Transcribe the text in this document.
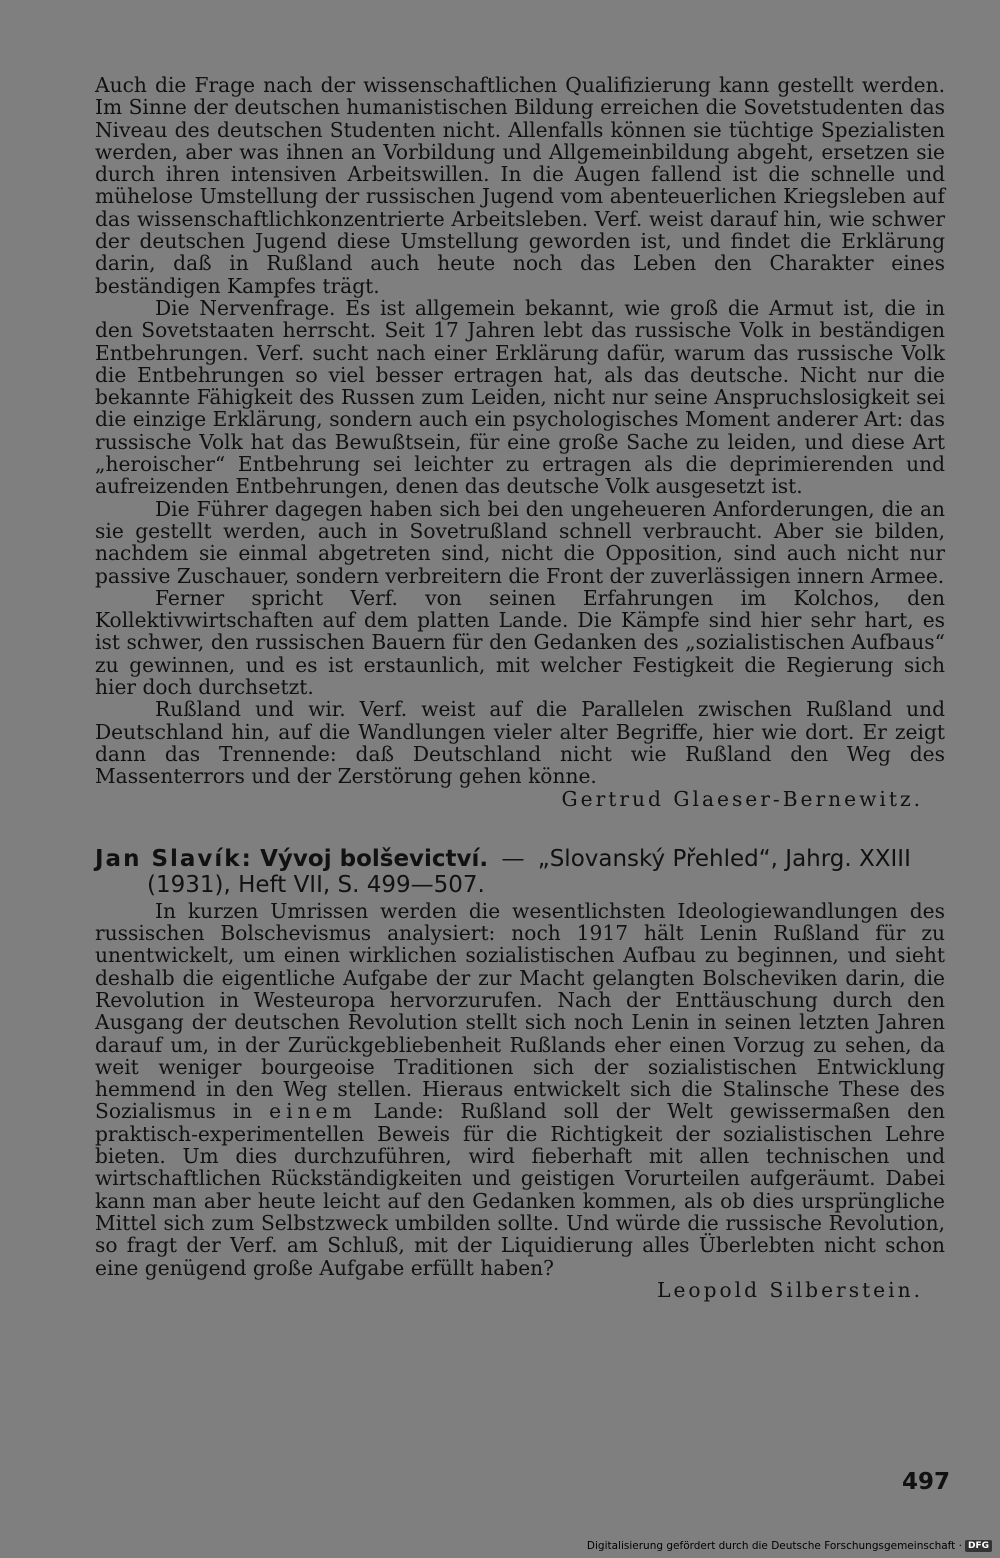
Auch die Frage nach der wissenschaftlichen Qualifizierung kann gestellt werden. Im Sinne der deutschen humanistischen Bildung erreichen die Sovetstudenten das Niveau des deutschen Studenten nicht. Allenfalls können sie tüchtige Spezialisten werden, aber was ihnen an Vorbildung und Allgemeinbildung abgeht, ersetzen sie durch ihren intensiven Arbeitswillen. In die Augen fallend ist die schnelle und mühelose Umstellung der russischen Jugend vom abenteuerlichen Kriegsleben auf das wissenschaftlichkonzentrierte Arbeitsleben. Verf. weist darauf hin, wie schwer der deutschen Jugend diese Umstellung geworden ist, und findet die Erklärung darin, daß in Rußland auch heute noch das Leben den Charakter eines beständigen Kampfes trägt.

Die Nervenfrage. Es ist allgemein bekannt, wie groß die Armut ist, die in den Sovetstaaten herrscht. Seit 17 Jahren lebt das russische Volk in beständigen Entbehrungen. Verf. sucht nach einer Erklärung dafür, warum das russische Volk die Entbehrungen so viel besser ertragen hat, als das deutsche. Nicht nur die bekannte Fähigkeit des Russen zum Leiden, nicht nur seine Anspruchslosigkeit sei die einzige Erklärung, sondern auch ein psychologisches Moment anderer Art: das russische Volk hat das Bewußtsein, für eine große Sache zu leiden, und diese Art „heroischer“ Entbehrung sei leichter zu ertragen als die deprimierenden und aufreizenden Entbehrungen, denen das deutsche Volk ausgesetzt ist.

Die Führer dagegen haben sich bei den ungeheueren Anforderungen, die an sie gestellt werden, auch in Sovetrußland schnell verbraucht. Aber sie bilden, nachdem sie einmal abgetreten sind, nicht die Opposition, sind auch nicht nur passive Zuschauer, sondern verbreitern die Front der zuverlässigen innern Armee.

Ferner spricht Verf. von seinen Erfahrungen im Kolchos, den Kollektivwirtschaften auf dem platten Lande. Die Kämpfe sind hier sehr hart, es ist schwer, den russischen Bauern für den Gedanken des „sozialistischen Aufbaus“ zu gewinnen, und es ist erstaunlich, mit welcher Festigkeit die Regierung sich hier doch durchsetzt.

Rußland und wir. Verf. weist auf die Parallelen zwischen Rußland und Deutschland hin, auf die Wandlungen vieler alter Begriffe, hier wie dort. Er zeigt dann das Trennende: daß Deutschland nicht wie Rußland den Weg des Massenterrors und der Zerstörung gehen könne.

Gertrud Glaeser-Bernewitz.

Jan Slavík: Vývoj bolševictví. — „Slovanský Přehled“, Jahrg. XXIII (1931), Heft VII, S. 499—507.

In kurzen Umrissen werden die wesentlichsten Ideologiewandlungen des russischen Bolschevismus analysiert: noch 1917 hält Lenin Rußland für zu unentwickelt, um einen wirklichen sozialistischen Aufbau zu beginnen, und sieht deshalb die eigentliche Aufgabe der zur Macht gelangten Bolscheviken darin, die Revolution in Westeuropa hervorzurufen. Nach der Enttäuschung durch den Ausgang der deutschen Revolution stellt sich noch Lenin in seinen letzten Jahren darauf um, in der Zurückgebliebenheit Rußlands eher einen Vorzug zu sehen, da weit weniger bourgeoise Traditionen sich der sozialistischen Entwicklung hemmend in den Weg stellen. Hieraus entwickelt sich die Stalinsche These des Sozialismus in einem Lande: Rußland soll der Welt gewissermaßen den praktisch-experimentellen Beweis für die Richtigkeit der sozialistischen Lehre bieten. Um dies durchzuführen, wird fieberhaft mit allen technischen und wirtschaftlichen Rückständigkeiten und geistigen Vorurteilen aufgeräumt. Dabei kann man aber heute leicht auf den Gedanken kommen, als ob dies ursprüngliche Mittel sich zum Selbstzweck umbilden sollte. Und würde die russische Revolution, so fragt der Verf. am Schluß, mit der Liquidierung alles Überlebten nicht schon eine genügend große Aufgabe erfüllt haben?

Leopold Silberstein.

497
Digitalisierung gefördert durch die Deutsche Forschungsgemeinschaft · DFG
